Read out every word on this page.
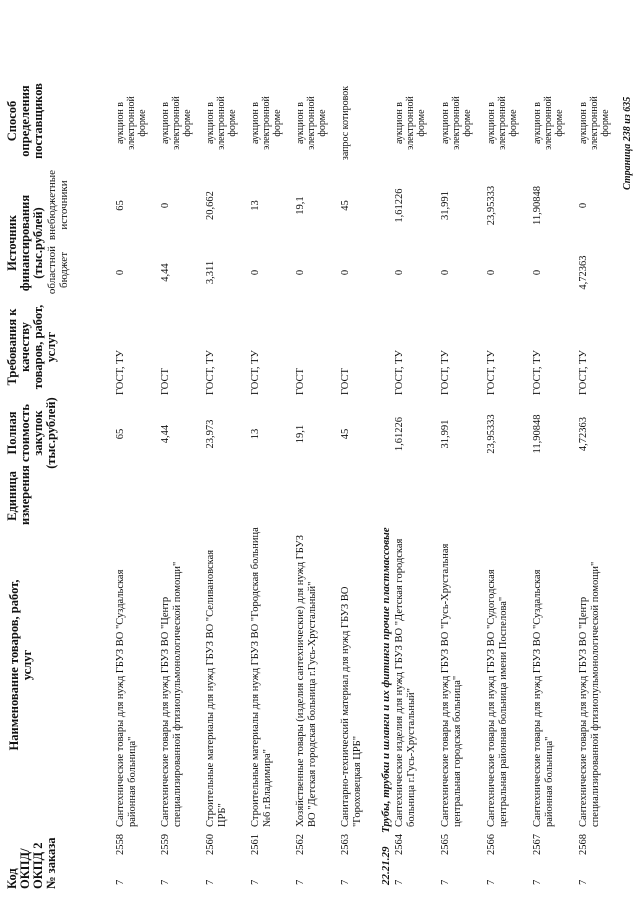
Код ОКПД/ ОКПД 2 № заказа
Наименование товаров, работ, услуг
Единица измерения
Полная стоимость закупок (тыс.рублей)
Требования к качеству товаров, работ, услуг
Источник финансирования (тыс.рублей) областной бюджет
внебюджетные источники
Способ определения поставщиков
7
2558
Сантехнические товары для нужд ГБУЗ ВО "Суздальская районная больница"
65
ГОСТ, ТУ
0
65
аукцион в электронной форме
7
2559
Сантехнические товары для нужд ГБУЗ ВО "Центр специализированной фтизиопульмонологической помощи"
4,44
ГОСТ
4,44
0
аукцион в электронной форме
7
2560
Строительные материалы для нужд ГБУЗ ВО "Селивановская ЦРБ"
23,973
ГОСТ, ТУ
3,311
20,662
аукцион в электронной форме
7
2561
Строительные материалы для нужд ГБУЗ ВО "Городская больница №6 г.Владимира"
13
ГОСТ, ТУ
0
13
аукцион в электронной форме
7
2562
Хозяйственные товары (изделия сантехнические) для нужд ГБУЗ ВО "Детская городская больница г.Гусь-Хрустальный"
19,1
ГОСТ
0
19,1
аукцион в электронной форме
7
2563
Санитарно-технический материал для нужд ГБУЗ ВО "Гороховецкая ЦРБ"
45
ГОСТ
0
45
запрос котировок
22.21.29  Трубы, трубки и шланги и их фитинги прочие пластмассовые
7
2564
Сантехнические изделия для нужд ГБУЗ ВО "Детская городская больница г.Гусь-Хрустальный"
1,61226
ГОСТ, ТУ
0
1,61226
аукцион в электронной форме
7
2565
Сантехнические товары для нужд ГБУЗ ВО "Гусь-Хрустальная центральная городская больница"
31,991
ГОСТ, ТУ
0
31,991
аукцион в электронной форме
7
2566
Сантехнические товары для нужд ГБУЗ ВО "Судогодская центральная районная больница имени Поспелова"
23,95333
ГОСТ, ТУ
0
23,95333
аукцион в электронной форме
7
2567
Сантехнические товары для нужд ГБУЗ ВО "Суздальская районная больница"
11,90848
ГОСТ, ТУ
0
11,90848
аукцион в электронной форме
7
2568
Сантехнические товары для нужд ГБУЗ ВО "Центр специализированной фтизиопульмонологической помощи"
4,72363
ГОСТ, ТУ
4,72363
0
аукцион в электронной форме Страница 238 из 635
